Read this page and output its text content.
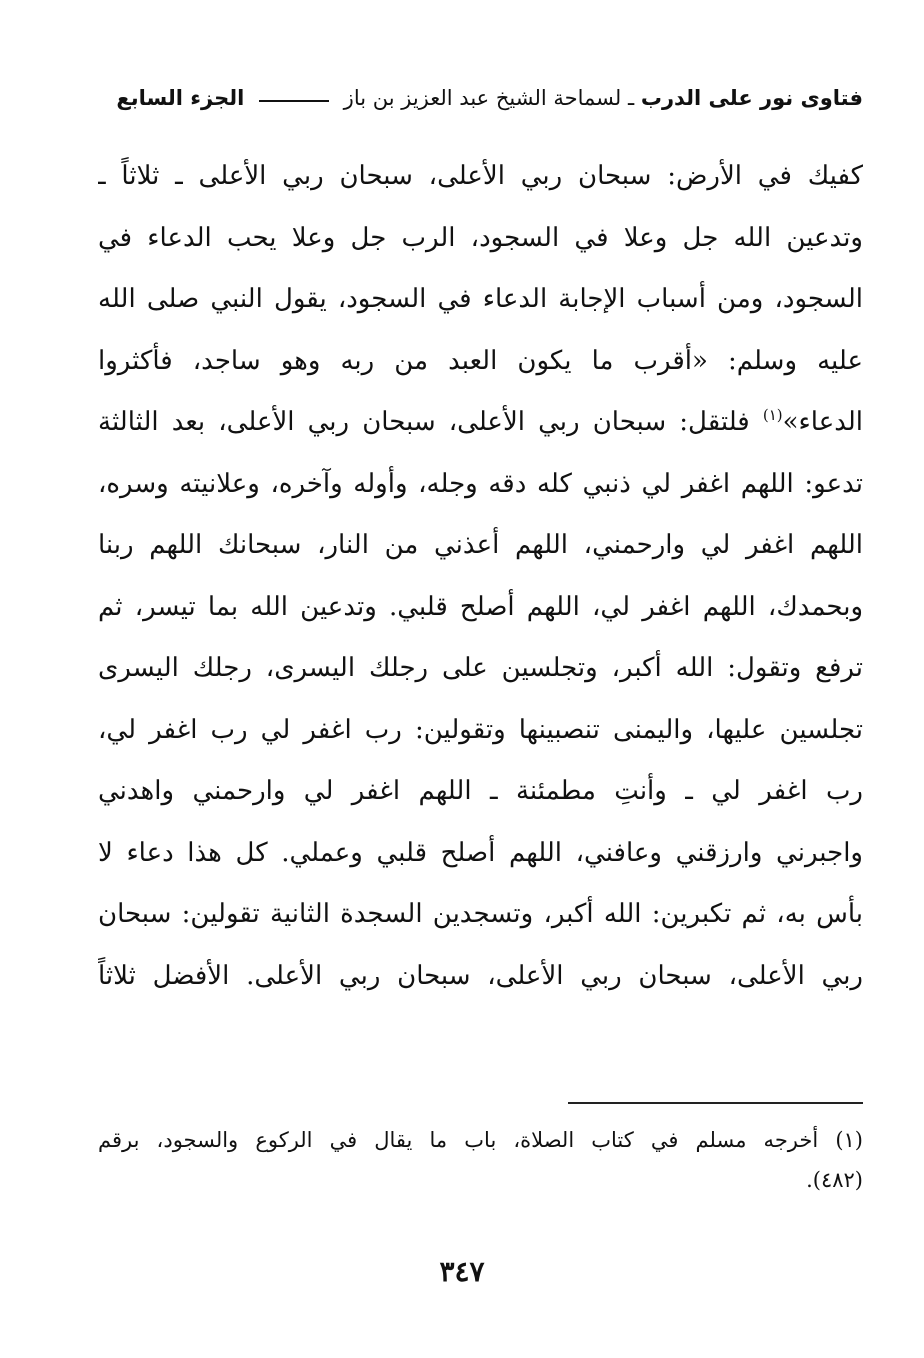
فتاوى نور على الدرب ـ لسماحة الشيخ عبد العزيز بن باز  الجزء السابع
كفيك في الأرض: سبحان ربي الأعلى، سبحان ربي الأعلى ـ ثلاثاً ـ
وتدعين الله جل وعلا في السجود، الرب جل وعلا يحب الدعاء في
السجود، ومن أسباب الإجابة الدعاء في السجود، يقول النبي صلى الله
عليه وسلم: «أقرب ما يكون العبد من ربه وهو ساجد، فأكثروا
الدعاء»$^{(١)}$ فلتقل: سبحان ربي الأعلى، سبحان ربي الأعلى، بعد الثالثة
تدعو: اللهم اغفر لي ذنبي كله دقه وجله، وأوله وآخره، وعلانيته وسره،
اللهم اغفر لي وارحمني، اللهم أعذني من النار، سبحانك اللهم ربنا
وبحمدك، اللهم اغفر لي، اللهم أصلح قلبي. وتدعين الله بما تيسر، ثم
ترفع وتقول: الله أكبر، وتجلسين على رجلك اليسرى، رجلك اليسرى
تجلسين عليها، واليمنى تنصبينها وتقولين: رب اغفر لي رب اغفر لي،
رب اغفر لي ـ وأنتِ مطمئنة ـ اللهم اغفر لي وارحمني واهدني
واجبرني وارزقني وعافني، اللهم أصلح قلبي وعملي. كل هذا دعاء لا
بأس به، ثم تكبرين: الله أكبر، وتسجدين السجدة الثانية تقولين: سبحان
ربي الأعلى، سبحان ربي الأعلى، سبحان ربي الأعلى. الأفضل ثلاثاً
(١) أخرجه مسلم في كتاب الصلاة، باب ما يقال في الركوع والسجود، برقم
(٤٨٢).
٣٤٧
